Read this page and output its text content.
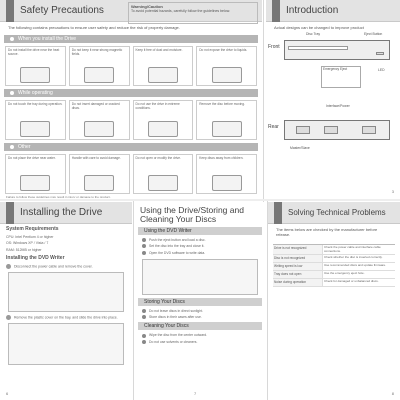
Safety Precautions	Warning/Caution
To avoid potential hazards, carefully follow the guidelines below.
The following contains precautions to ensure user safety and reduce the risk of property damage.
When you install the Drive
Do not install the drive near the heat source.
Do not keep it near strong magnetic fields.
Keep it free of dust and moisture.	Do not expose the drive to liquids.
While operating
Do not touch the tray during operation.	Do not insert damaged or cracked discs.
Do not use the drive in extreme conditions.
Remove the disc before moving.
Other
Do not place the drive near water.	Handle with care to avoid damage.	Do not open or modify the drive.	Keep discs away from children.
Failure to follow these guidelines may result in injury or damage to the product.
Introduction
Actual designs can be changed to improve product
Front
Disc Tray	Eject Button
Emergency Eject	LED
Interface/Power
Rear
Master/Slave
3
Installing the Drive
System Requirements
CPU: Intel Pentium 4 or higher
OS: Windows XP / Vista / 7
RAM: 512MB or higher
Installing the DVD Writer
Disconnect the power cable and remove the cover.
Remove the plastic cover on the bay, and slide the drive into place.
6
Using the Drive/Storing and Cleaning Your Discs
Using the DVD Writer
Push the eject button and load a disc.
Set the disc into the tray and close it.
Open the DVD software to write data.
Storing Your Discs
Do not leave discs in direct sunlight.
Store discs in their cases after use.
Cleaning Your Discs
Wipe the disc from the center outward.
Do not use solvents or cleaners.
7
Solving Technical Problems
The items below are checked by the manufacturer before release.
Drive is not recognized	Check the power cable and interface cable connections.
Disc is not recognized	Check whether the disc is inserted correctly.
Writing speed is low	Use recommended discs and update firmware.
Tray does not open	Use the emergency eject hole.
Noise during operation	Check for damaged or unbalanced discs.
8
